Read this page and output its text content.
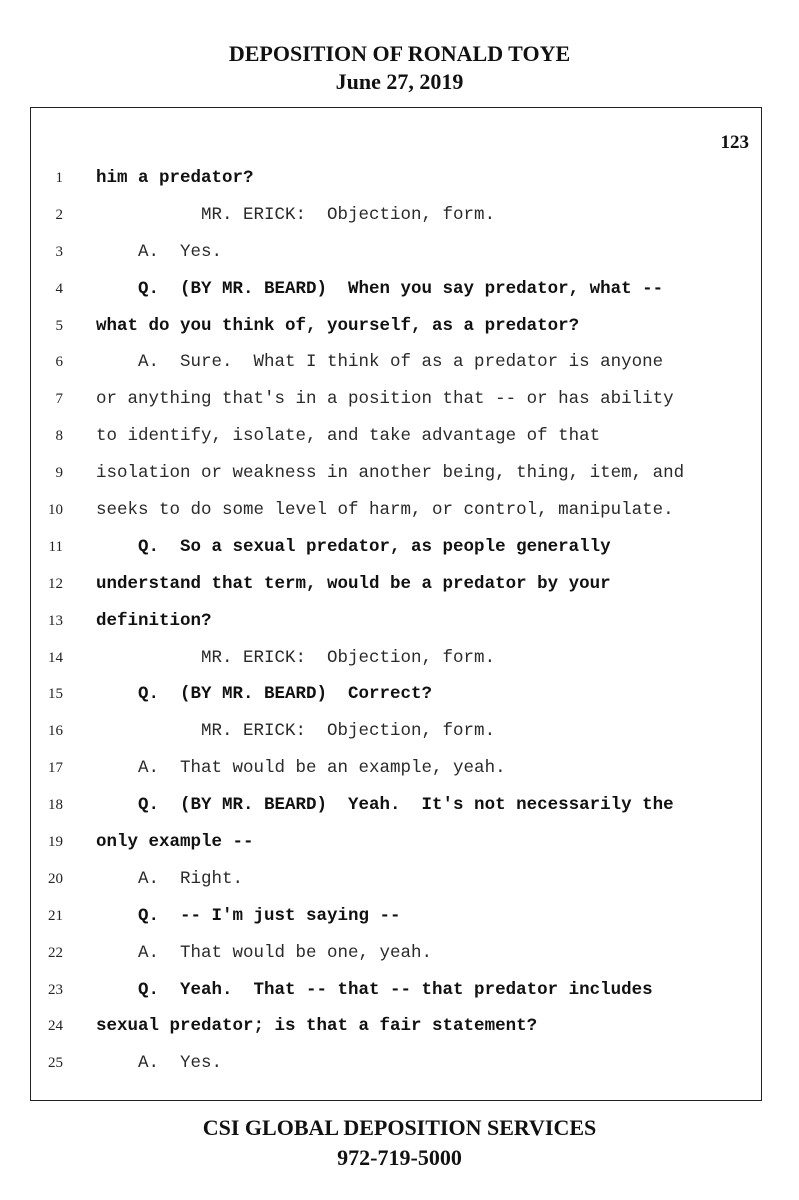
DEPOSITION OF RONALD TOYE
June 27, 2019
123
1 him a predator?
2 MR. ERICK:  Objection, form.
3 A.  Yes.
4 Q.  (BY MR. BEARD)  When you say predator, what --
5 what do you think of, yourself, as a predator?
6 A.  Sure.  What I think of as a predator is anyone
7 or anything that's in a position that -- or has ability
8 to identify, isolate, and take advantage of that
9 isolation or weakness in another being, thing, item, and
10 seeks to do some level of harm, or control, manipulate.
11 Q.  So a sexual predator, as people generally
12 understand that term, would be a predator by your
13 definition?
14 MR. ERICK:  Objection, form.
15 Q.  (BY MR. BEARD)  Correct?
16 MR. ERICK:  Objection, form.
17 A.  That would be an example, yeah.
18 Q.  (BY MR. BEARD)  Yeah.  It's not necessarily the
19 only example --
20 A.  Right.
21 Q.  -- I'm just saying --
22 A.  That would be one, yeah.
23 Q.  Yeah.  That -- that -- that predator includes
24 sexual predator; is that a fair statement?
25 A.  Yes.
CSI GLOBAL DEPOSITION SERVICES
972-719-5000
